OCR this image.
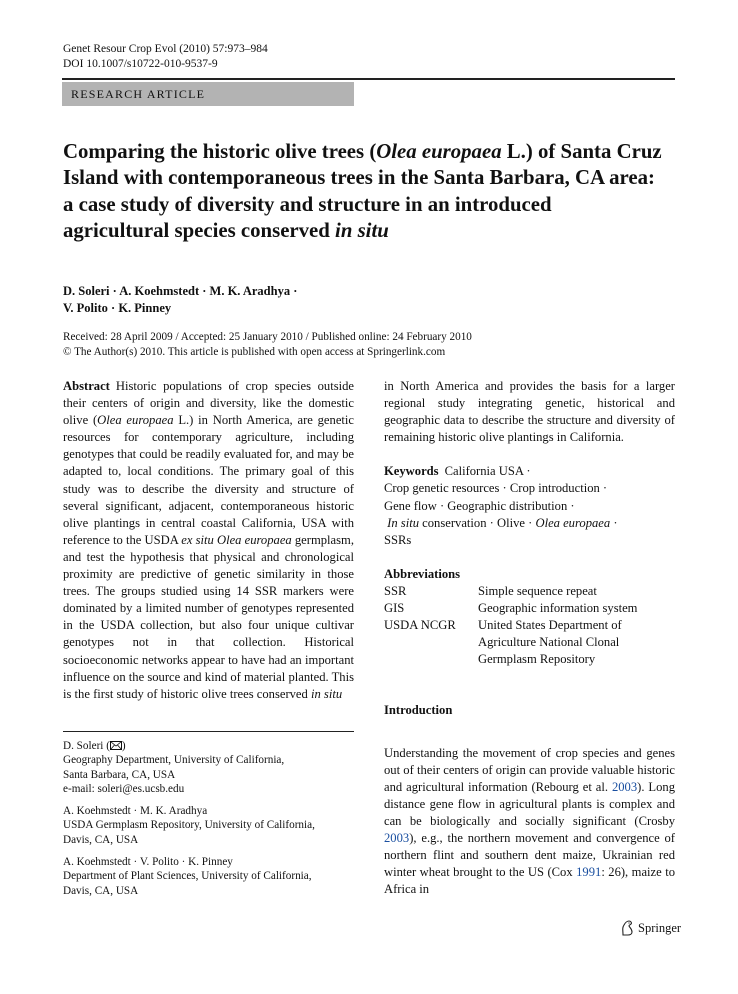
Genet Resour Crop Evol (2010) 57:973–984
DOI 10.1007/s10722-010-9537-9
RESEARCH ARTICLE
Comparing the historic olive trees (Olea europaea L.) of Santa Cruz Island with contemporaneous trees in the Santa Barbara, CA area: a case study of diversity and structure in an introduced agricultural species conserved in situ
D. Soleri · A. Koehmstedt · M. K. Aradhya ·
V. Polito · K. Pinney
Received: 28 April 2009 / Accepted: 25 January 2010 / Published online: 24 February 2010
© The Author(s) 2010. This article is published with open access at Springerlink.com
Abstract Historic populations of crop species outside their centers of origin and diversity, like the domestic olive (Olea europaea L.) in North America, are genetic resources for contemporary agriculture, including genotypes that could be readily evaluated for, and may be adapted to, local conditions. The primary goal of this study was to describe the diversity and structure of several significant, adjacent, contemporaneous historic olive plantings in central coastal California, USA with reference to the USDA ex situ Olea europaea germplasm, and test the hypothesis that physical and chronological proximity are predictive of genetic similarity in those trees. The groups studied using 14 SSR markers were dominated by a limited number of genotypes represented in the USDA collection, but also four unique cultivar genotypes not in that collection. Historical socioeconomic networks appear to have had an important influence on the source and kind of material planted. This is the first study of historic olive trees conserved in situ
in North America and provides the basis for a larger regional study integrating genetic, historical and geographic data to describe the structure and diversity of remaining historic olive plantings in California.
Keywords California USA ·
Crop genetic resources · Crop introduction ·
Gene flow · Geographic distribution ·
In situ conservation · Olive · Olea europaea ·
SSRs
Abbreviations
SSR	Simple sequence repeat
GIS	Geographic information system
USDA NCGR	United States Department of Agriculture National Clonal Germplasm Repository
Introduction
Understanding the movement of crop species and genes out of their centers of origin can provide valuable historic and agricultural information (Rebourg et al. 2003). Long distance gene flow in agricultural plants is complex and can be biologically and socially significant (Crosby 2003), e.g., the northern movement and convergence of northern flint and southern dent maize, Ukrainian red winter wheat brought to the US (Cox 1991: 26), maize to Africa in
D. Soleri ( )
Geography Department, University of California,
Santa Barbara, CA, USA
e-mail: soleri@es.ucsb.edu
A. Koehmstedt · M. K. Aradhya
USDA Germplasm Repository, University of California,
Davis, CA, USA
A. Koehmstedt · V. Polito · K. Pinney
Department of Plant Sciences, University of California,
Davis, CA, USA
Springer
